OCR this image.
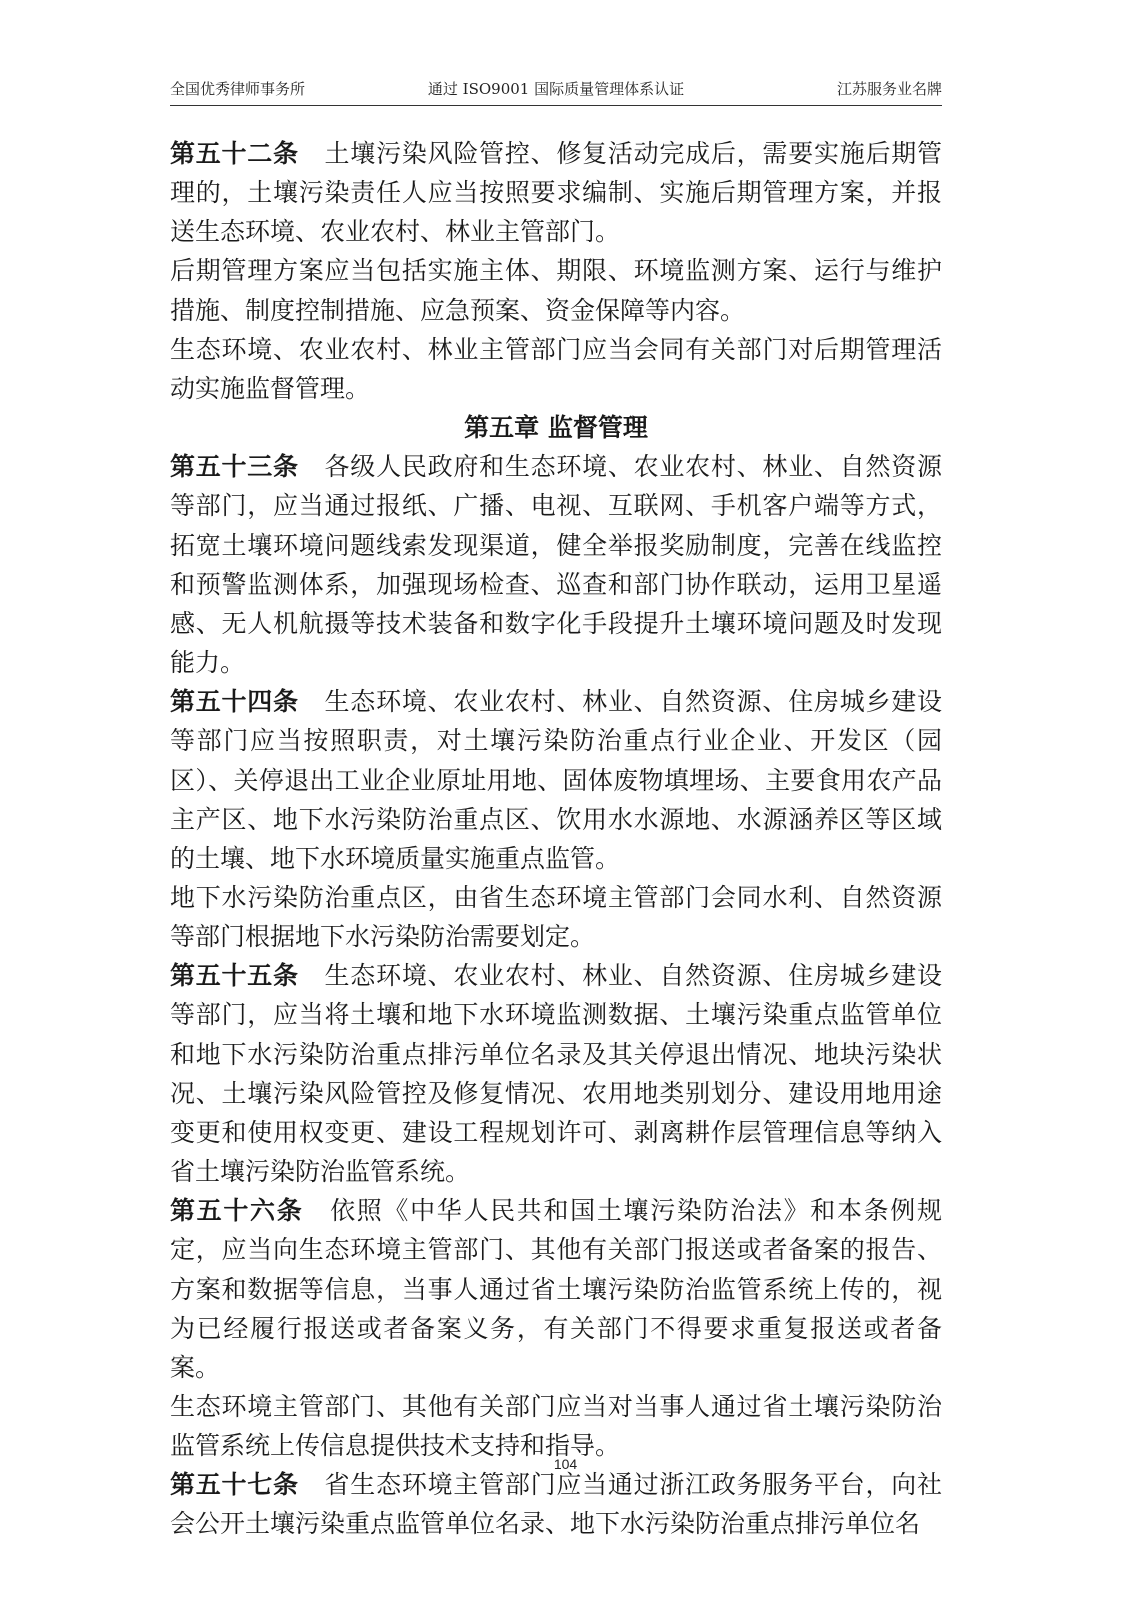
全国优秀律师事务所	通过 ISO9001 国际质量管理体系认证	江苏服务业名牌

第五十二条 土壤污染风险管控、修复活动完成后，需要实施后期管理的，土壤污染责任人应当按照要求编制、实施后期管理方案，并报送生态环境、农业农村、林业主管部门。

后期管理方案应当包括实施主体、期限、环境监测方案、运行与维护措施、制度控制措施、应急预案、资金保障等内容。

生态环境、农业农村、林业主管部门应当会同有关部门对后期管理活动实施监督管理。

第五章 监督管理

第五十三条 各级人民政府和生态环境、农业农村、林业、自然资源等部门，应当通过报纸、广播、电视、互联网、手机客户端等方式，拓宽土壤环境问题线索发现渠道，健全举报奖励制度，完善在线监控和预警监测体系，加强现场检查、巡查和部门协作联动，运用卫星遥感、无人机航摄等技术装备和数字化手段提升土壤环境问题及时发现能力。

第五十四条 生态环境、农业农村、林业、自然资源、住房城乡建设等部门应当按照职责，对土壤污染防治重点行业企业、开发区（园区）、关停退出工业企业原址用地、固体废物填埋场、主要食用农产品主产区、地下水污染防治重点区、饮用水水源地、水源涵养区等区域的土壤、地下水环境质量实施重点监管。

地下水污染防治重点区，由省生态环境主管部门会同水利、自然资源等部门根据地下水污染防治需要划定。

第五十五条 生态环境、农业农村、林业、自然资源、住房城乡建设等部门，应当将土壤和地下水环境监测数据、土壤污染重点监管单位和地下水污染防治重点排污单位名录及其关停退出情况、地块污染状况、土壤污染风险管控及修复情况、农用地类别划分、建设用地用途变更和使用权变更、建设工程规划许可、剥离耕作层管理信息等纳入省土壤污染防治监管系统。

第五十六条 依照《中华人民共和国土壤污染防治法》和本条例规定，应当向生态环境主管部门、其他有关部门报送或者备案的报告、方案和数据等信息，当事人通过省土壤污染防治监管系统上传的，视为已经履行报送或者备案义务，有关部门不得要求重复报送或者备案。

生态环境主管部门、其他有关部门应当对当事人通过省土壤污染防治监管系统上传信息提供技术支持和指导。

第五十七条 省生态环境主管部门应当通过浙江政务服务平台，向社会公开土壤污染重点监管单位名录、地下水污染防治重点排污单位名

104
